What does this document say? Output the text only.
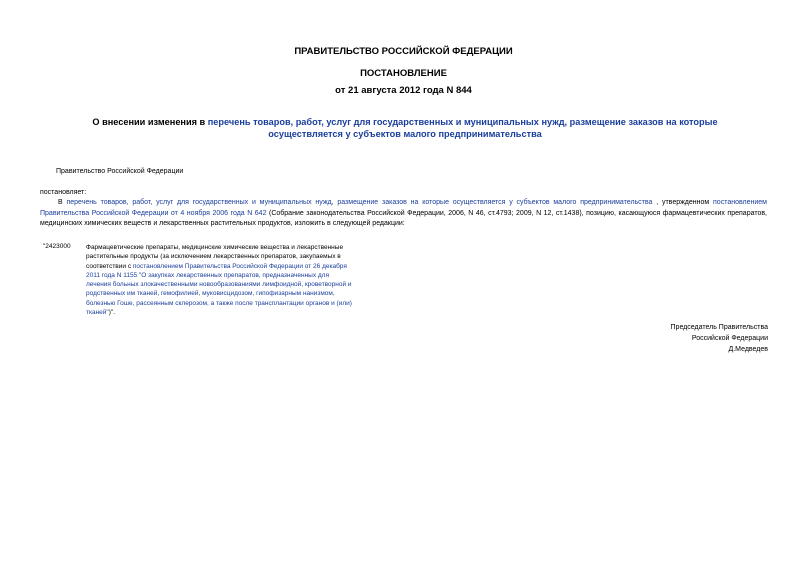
ПРАВИТЕЛЬСТВО РОССИЙСКОЙ ФЕДЕРАЦИИ
ПОСТАНОВЛЕНИЕ
от 21 августа 2012 года N 844
О внесении изменения в перечень товаров, работ, услуг для государственных и муниципальных нужд, размещение заказов на которые осуществляется у субъектов малого предпринимательства
Правительство Российской Федерации
постановляет:
В перечень товаров, работ, услуг для государственных и муниципальных нужд, размещение заказов на которые осуществляется у субъектов малого предпринимательства , утвержденном постановлением Правительства Российской Федерации от 4 ноября 2006 года N 642 (Собрание законодательства Российской Федерации, 2006, N 46, ст.4793; 2009, N 12, ст.1438), позицию, касающуюся фармацевтических препаратов, медицинских химических веществ и лекарственных растительных продуктов, изложить в следующей редакции:
"2423000 Фармацевтические препараты, медицинские химические вещества и лекарственные растительные продукты (за исключением лекарственных препаратов, закупаемых в соответствии с постановлением Правительства Российской Федерации от 26 декабря 2011 года N 1155 "О закупках лекарственных препаратов, предназначенных для лечения больных злокачественными новообразованиями лимфоидной, кроветворной и родственных им тканей, гемофилией, муковисцидозом, гипофизарным нанизмом, болезнью Гоше, рассеянным склерозом, а также после трансплантации органов и (или) тканей")".
Председатель Правительства
Российской Федерации
Д.Медведев
